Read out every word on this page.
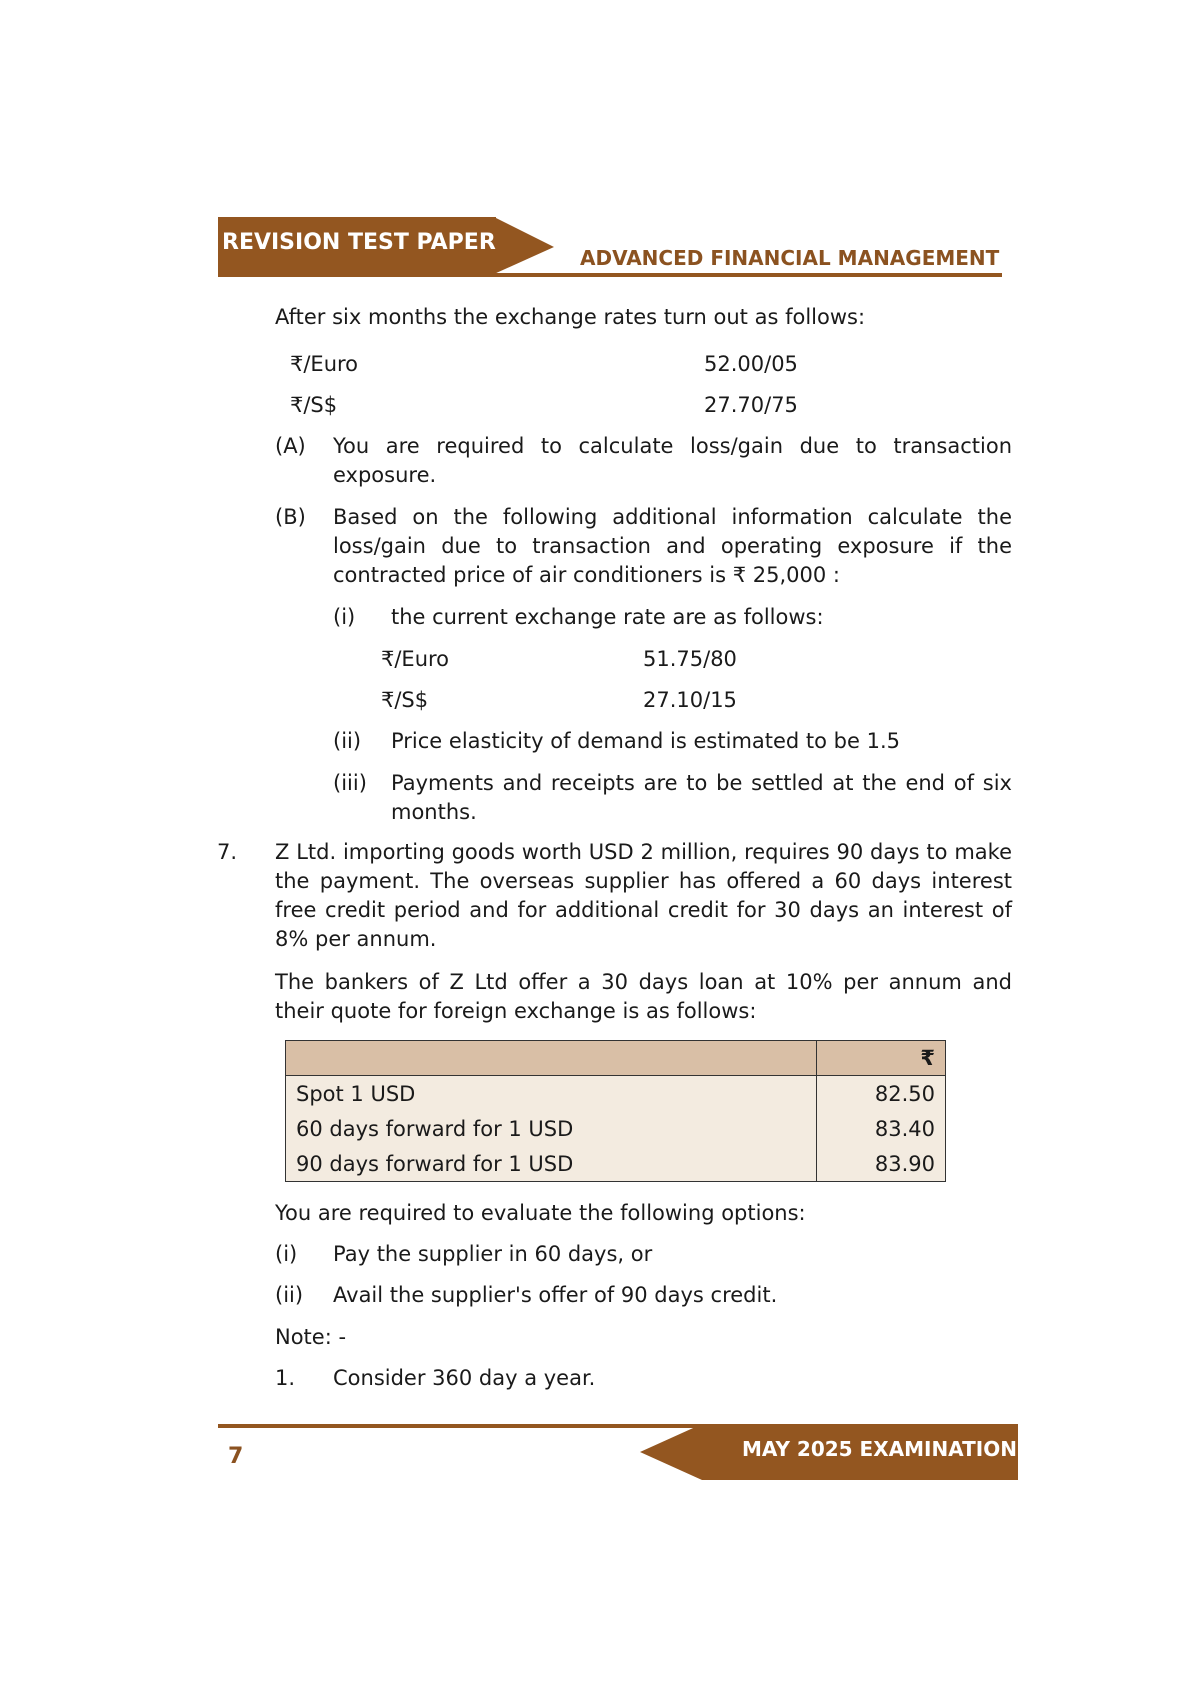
REVISION TEST PAPER
ADVANCED FINANCIAL MANAGEMENT
After six months the exchange rates turn out as follows:
₹/Euro	52.00/05
₹/S$	27.70/75
(A) You are required to calculate loss/gain due to transaction exposure.
(B) Based on the following additional information calculate the loss/gain due to transaction and operating exposure if the contracted price of air conditioners is ₹ 25,000 :
(i) the current exchange rate are as follows:
₹/Euro	51.75/80
₹/S$	27.10/15
(ii) Price elasticity of demand is estimated to be 1.5
(iii) Payments and receipts are to be settled at the end of six months.
7. Z Ltd. importing goods worth USD 2 million, requires 90 days to make the payment. The overseas supplier has offered a 60 days interest free credit period and for additional credit for 30 days an interest of 8% per annum.
The bankers of Z Ltd offer a 30 days loan at 10% per annum and their quote for foreign exchange is as follows:
	₹
Spot 1 USD	82.50
60 days forward for 1 USD	83.40
90 days forward for 1 USD	83.90
You are required to evaluate the following options:
(i) Pay the supplier in 60 days, or
(ii) Avail the supplier's offer of 90 days credit.
Note: -
1. Consider 360 day a year.
7	MAY 2025 EXAMINATION
